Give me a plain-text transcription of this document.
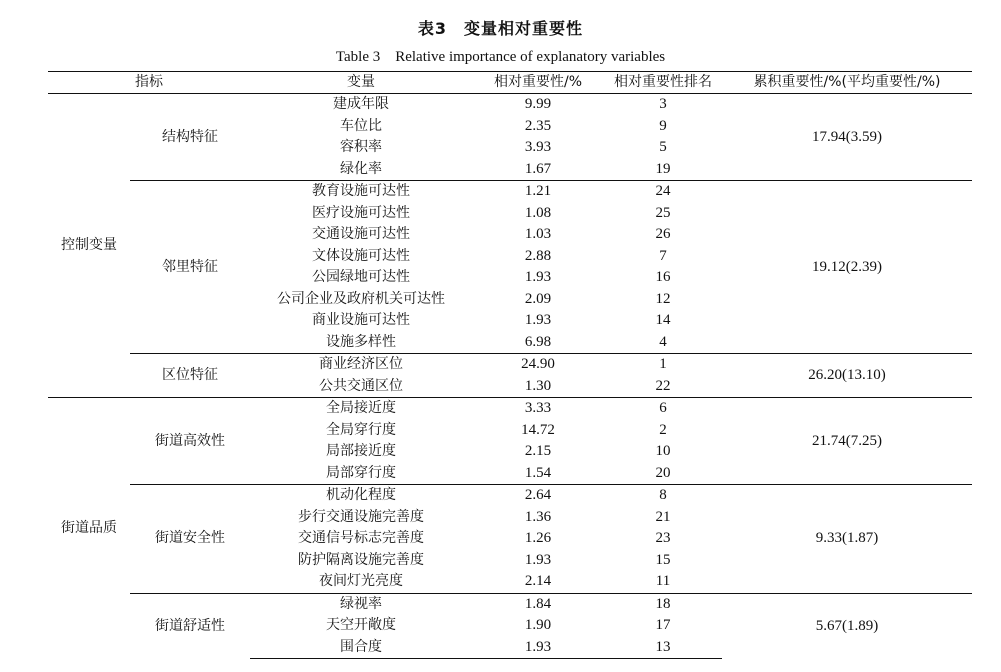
表3　变量相对重要性
Table 3　Relative importance of explanatory variables
指标		变量	相对重要性/%	相对重要性排名	累积重要性/%(平均重要性/%)
控制变量	结构特征	建成年限	9.99	3	17.94(3.59)
		车位比	2.35	9	
		容积率	3.93	5	
		绿化率	1.67	19	
	邻里特征	教育设施可达性	1.21	24	19.12(2.39)
		医疗设施可达性	1.08	25	
		交通设施可达性	1.03	26	
		文体设施可达性	2.88	7	
		公园绿地可达性	1.93	16	
		公司企业及政府机关可达性	2.09	12	
		商业设施可达性	1.93	14	
		设施多样性	6.98	4	
	区位特征	商业经济区位	24.90	1	26.20(13.10)
		公共交通区位	1.30	22	
街道品质	街道高效性	全局接近度	3.33	6	21.74(7.25)
		全局穿行度	14.72	2	
		局部接近度	2.15	10	
		局部穿行度	1.54	20	
	街道安全性	机动化程度	2.64	8	9.33(1.87)
		步行交通设施完善度	1.36	21	
		交通信号标志完善度	1.26	23	
		防护隔离设施完善度	1.93	15	
		夜间灯光亮度	2.14	11	
	街道舒适性	绿视率	1.84	18	5.67(1.89)
		天空开敞度	1.90	17	
		围合度	1.93	13	
